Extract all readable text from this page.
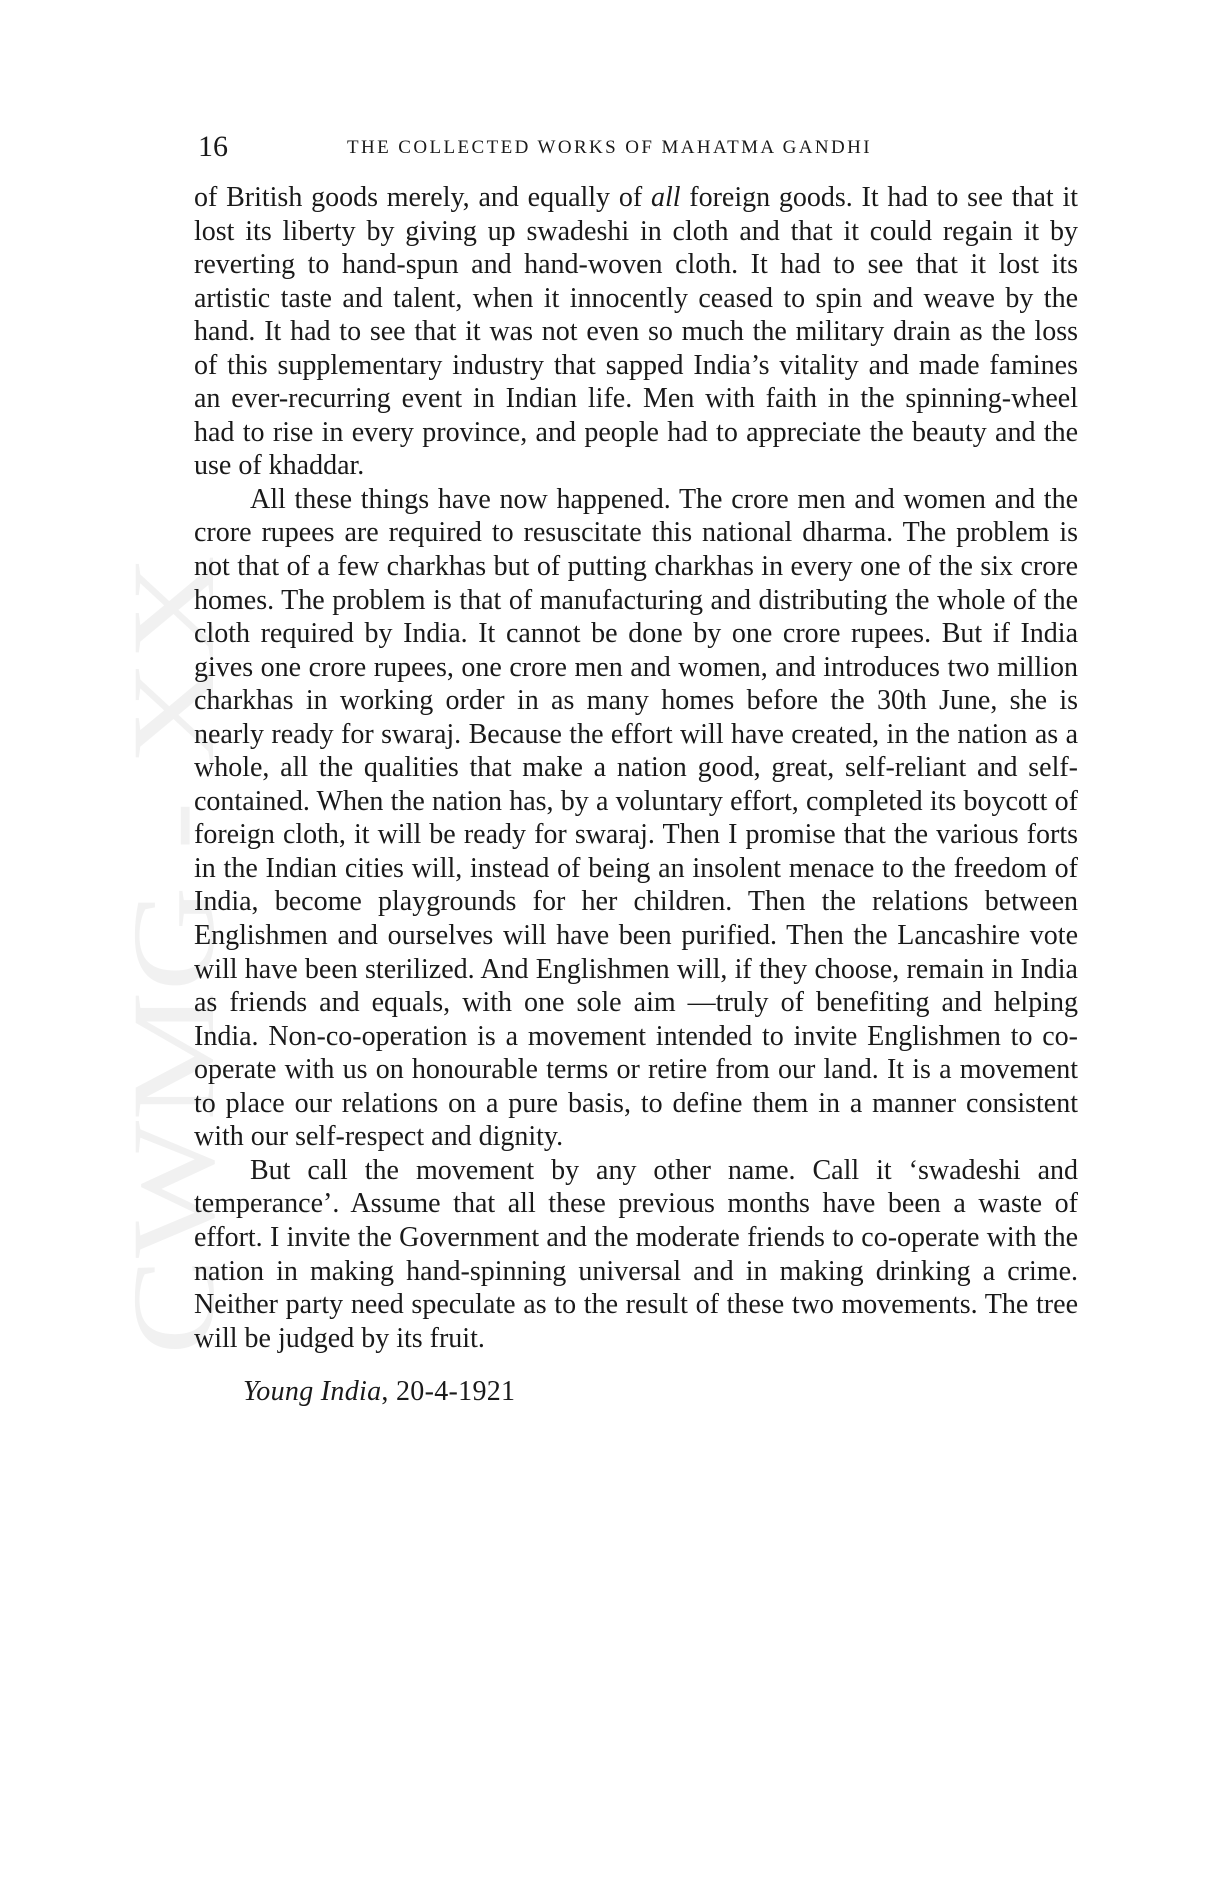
CWMG - XX
16	THE COLLECTED WORKS OF MAHATMA GANDHI

of British goods merely, and equally of all foreign goods. It had to see that it lost its liberty by giving up swadeshi in cloth and that it could regain it by reverting to hand-spun and hand-woven cloth. It had to see that it lost its artistic taste and talent, when it innocently ceased to spin and weave by the hand. It had to see that it was not even so much the military drain as the loss of this supplementary industry that sapped India’s vitality and made famines an ever-recurring event in Indian life. Men with faith in the spinning-wheel had to rise in every province, and people had to appreciate the beauty and the use of khaddar.

All these things have now happened. The crore men and women and the crore rupees are required to resuscitate this national dharma. The problem is not that of a few charkhas but of putting charkhas in every one of the six crore homes. The problem is that of manufacturing and distributing the whole of the cloth required by India. It cannot be done by one crore rupees. But if India gives one crore rupees, one crore men and women, and introduces two million charkhas in working order in as many homes before the 30th June, she is nearly ready for swaraj. Because the effort will have created, in the nation as a whole, all the qualities that make a nation good, great, self-reliant and self-contained. When the nation has, by a voluntary effort, completed its boycott of foreign cloth, it will be ready for swaraj. Then I promise that the various forts in the Indian cities will, instead of being an insolent menace to the freedom of India, become playgrounds for her children. Then the relations between Englishmen and ourselves will have been purified. Then the Lancashire vote will have been sterilized. And Englishmen will, if they choose, remain in India as friends and equals, with one sole aim —truly of benefiting and helping India. Non-co-operation is a movement intended to invite Englishmen to co-operate with us on honourable terms or retire from our land. It is a movement to place our relations on a pure basis, to define them in a manner consistent with our self-respect and dignity.

But call the movement by any other name. Call it ‘swadeshi and temperance’. Assume that all these previous months have been a waste of effort. I invite the Government and the moderate friends to co-operate with the nation in making hand-spinning universal and in making drinking a crime. Neither party need speculate as to the result of these two movements. The tree will be judged by its fruit.

Young India, 20-4-1921
